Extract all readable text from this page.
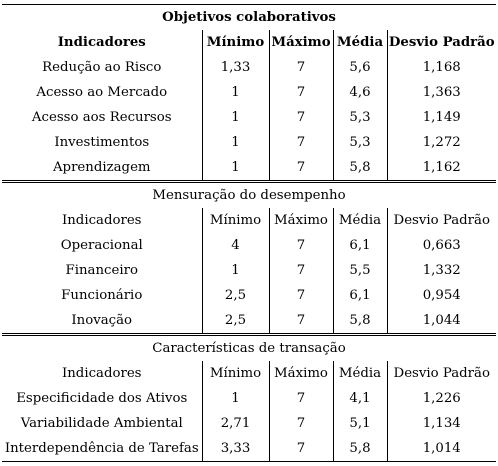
Objetivos colaborativos				
Indicadores	Mínimo	Máximo	Média	Desvio Padrão
Redução ao Risco	1,33	7	5,6	1,168
Acesso ao Mercado	1	7	4,6	1,363
Acesso aos Recursos	1	7	5,3	1,149
Investimentos	1	7	5,3	1,272
Aprendizagem	1	7	5,8	1,162
Mensuração do desempenho				
Indicadores	Mínimo	Máximo	Média	Desvio Padrão
Operacional	4	7	6,1	0,663
Financeiro	1	7	5,5	1,332
Funcionário	2,5	7	6,1	0,954
Inovação	2,5	7	5,8	1,044
Características de transação				
Indicadores	Mínimo	Máximo	Média	Desvio Padrão
Especificidade dos Ativos	1	7	4,1	1,226
Variabilidade Ambiental	2,71	7	5,1	1,134
Interdependência de Tarefas	3,33	7	5,8	1,014
